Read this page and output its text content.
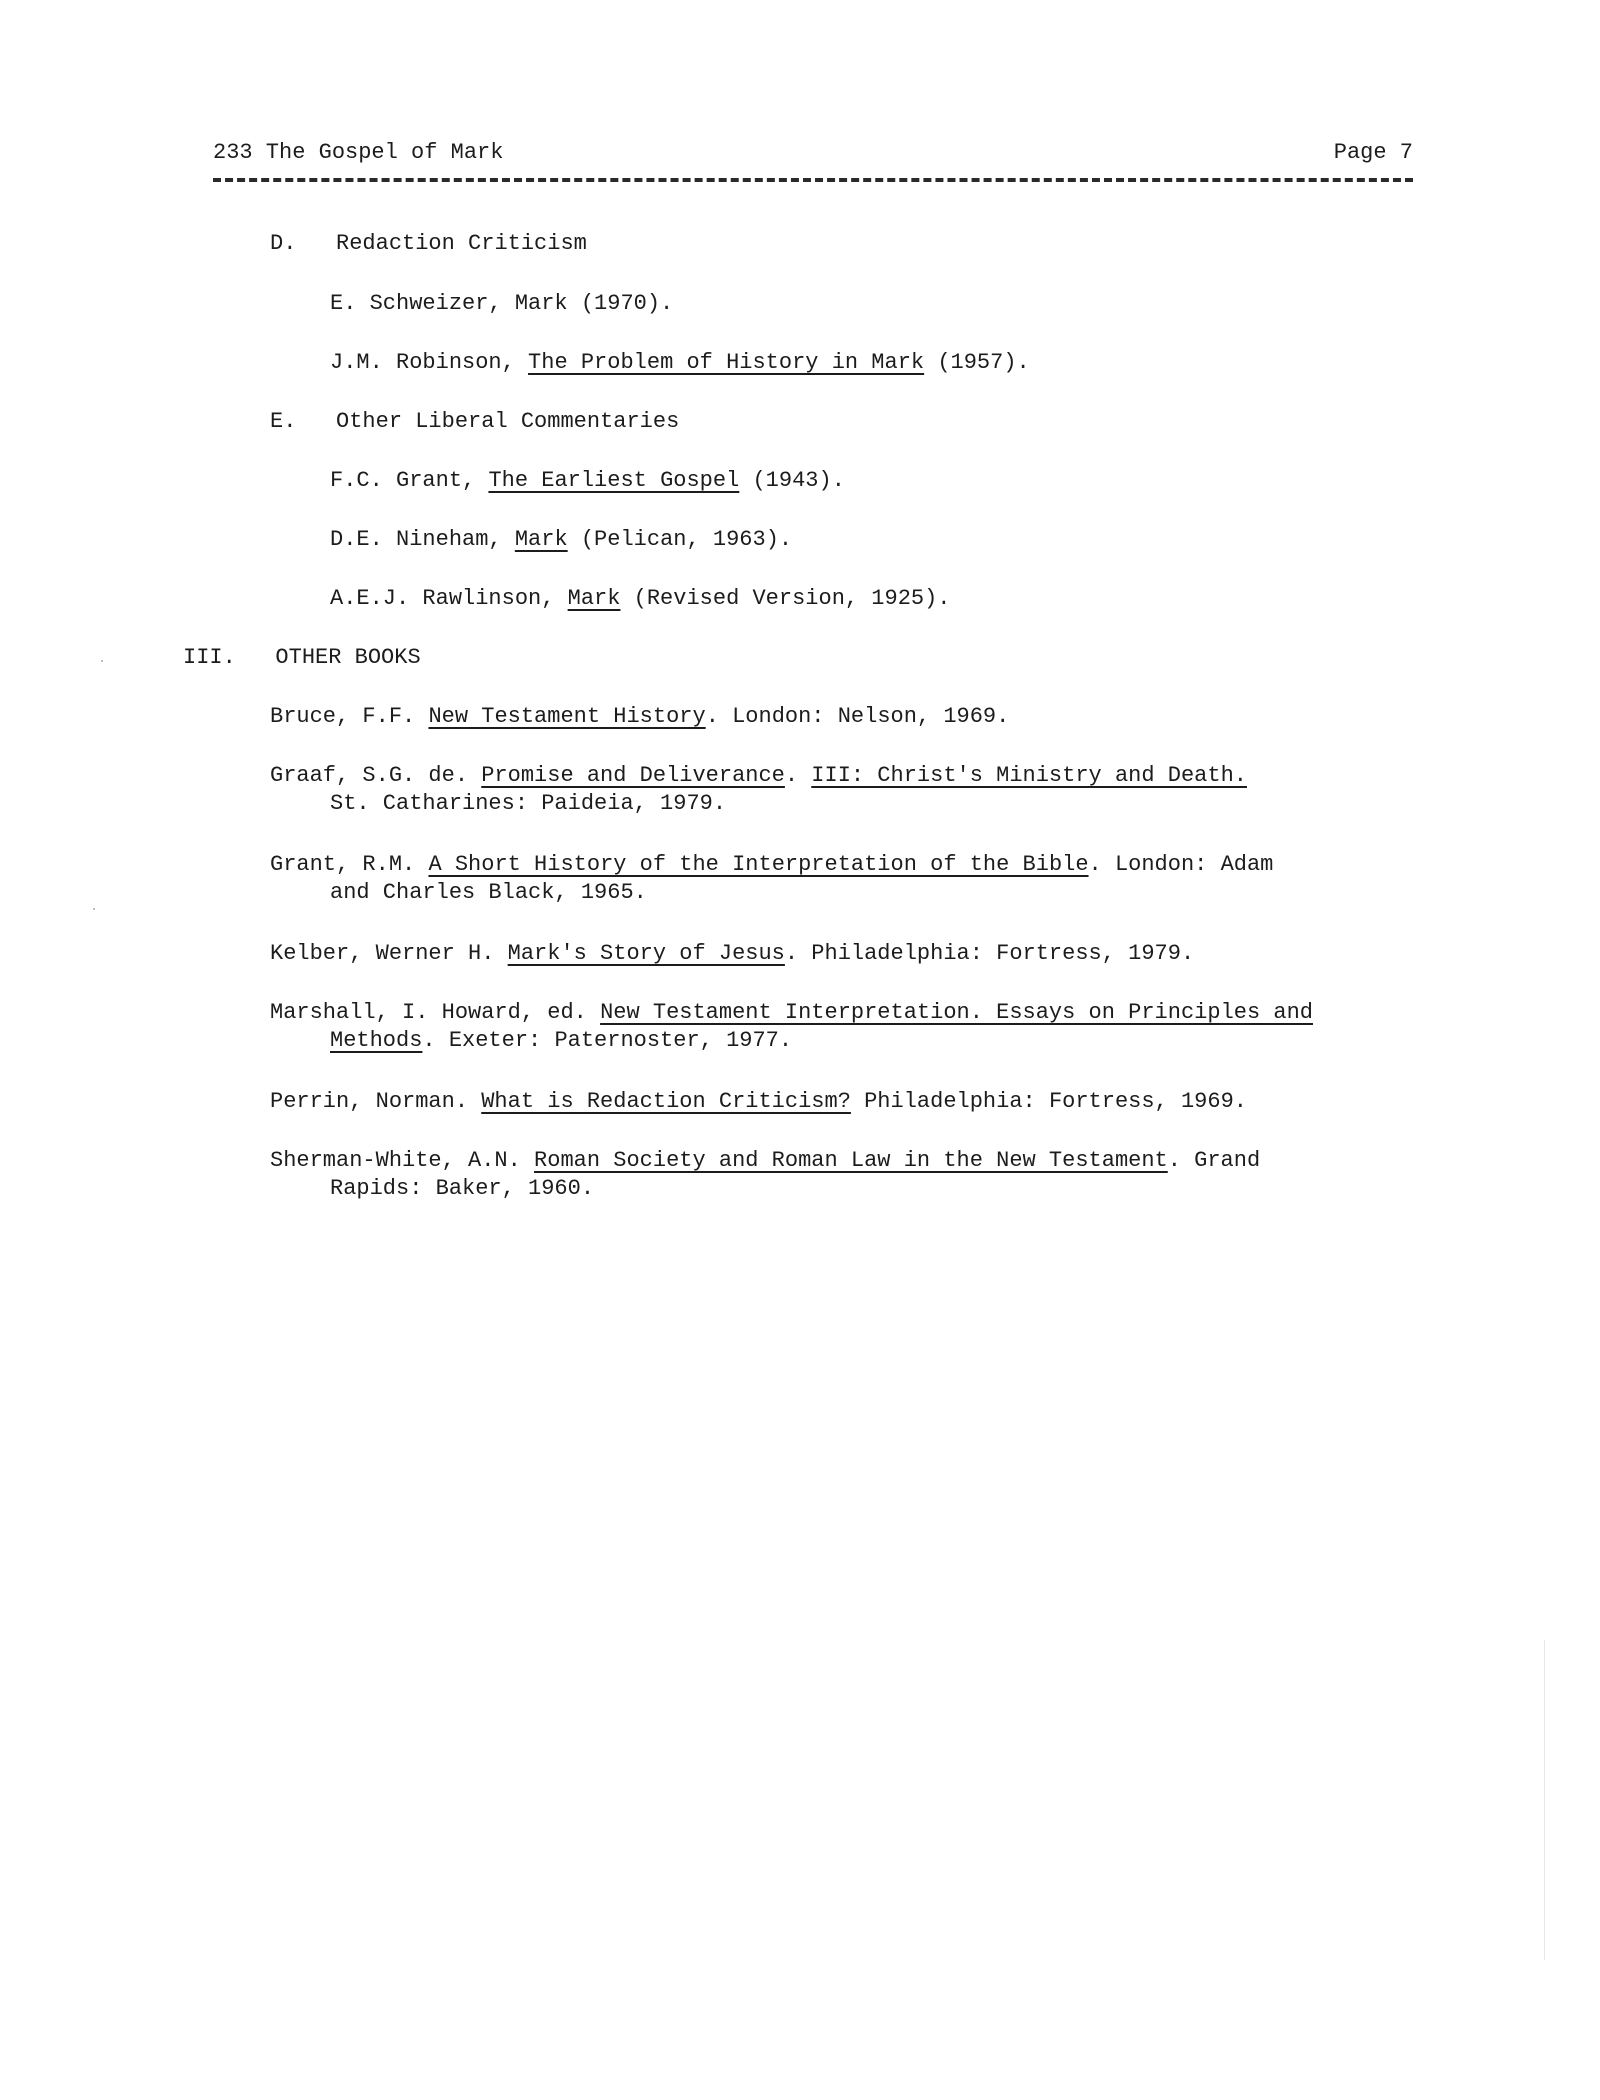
233 The Gospel of Mark	Page 7
D. Redaction Criticism
E. Schweizer, Mark (1970).
J.M. Robinson, The Problem of History in Mark (1957).
E. Other Liberal Commentaries
F.C. Grant, The Earliest Gospel (1943).
D.E. Nineham, Mark (Pelican, 1963).
A.E.J. Rawlinson, Mark (Revised Version, 1925).
III. OTHER BOOKS
Bruce, F.F. New Testament History. London: Nelson, 1969.
Graaf, S.G. de. Promise and Deliverance. III: Christ's Ministry and Death.
St. Catharines: Paideia, 1979.
Grant, R.M. A Short History of the Interpretation of the Bible. London: Adam
and Charles Black, 1965.
Kelber, Werner H. Mark's Story of Jesus. Philadelphia: Fortress, 1979.
Marshall, I. Howard, ed. New Testament Interpretation. Essays on Principles and
Methods. Exeter: Paternoster, 1977.
Perrin, Norman. What is Redaction Criticism? Philadelphia: Fortress, 1969.
Sherman-White, A.N. Roman Society and Roman Law in the New Testament. Grand
Rapids: Baker, 1960.
